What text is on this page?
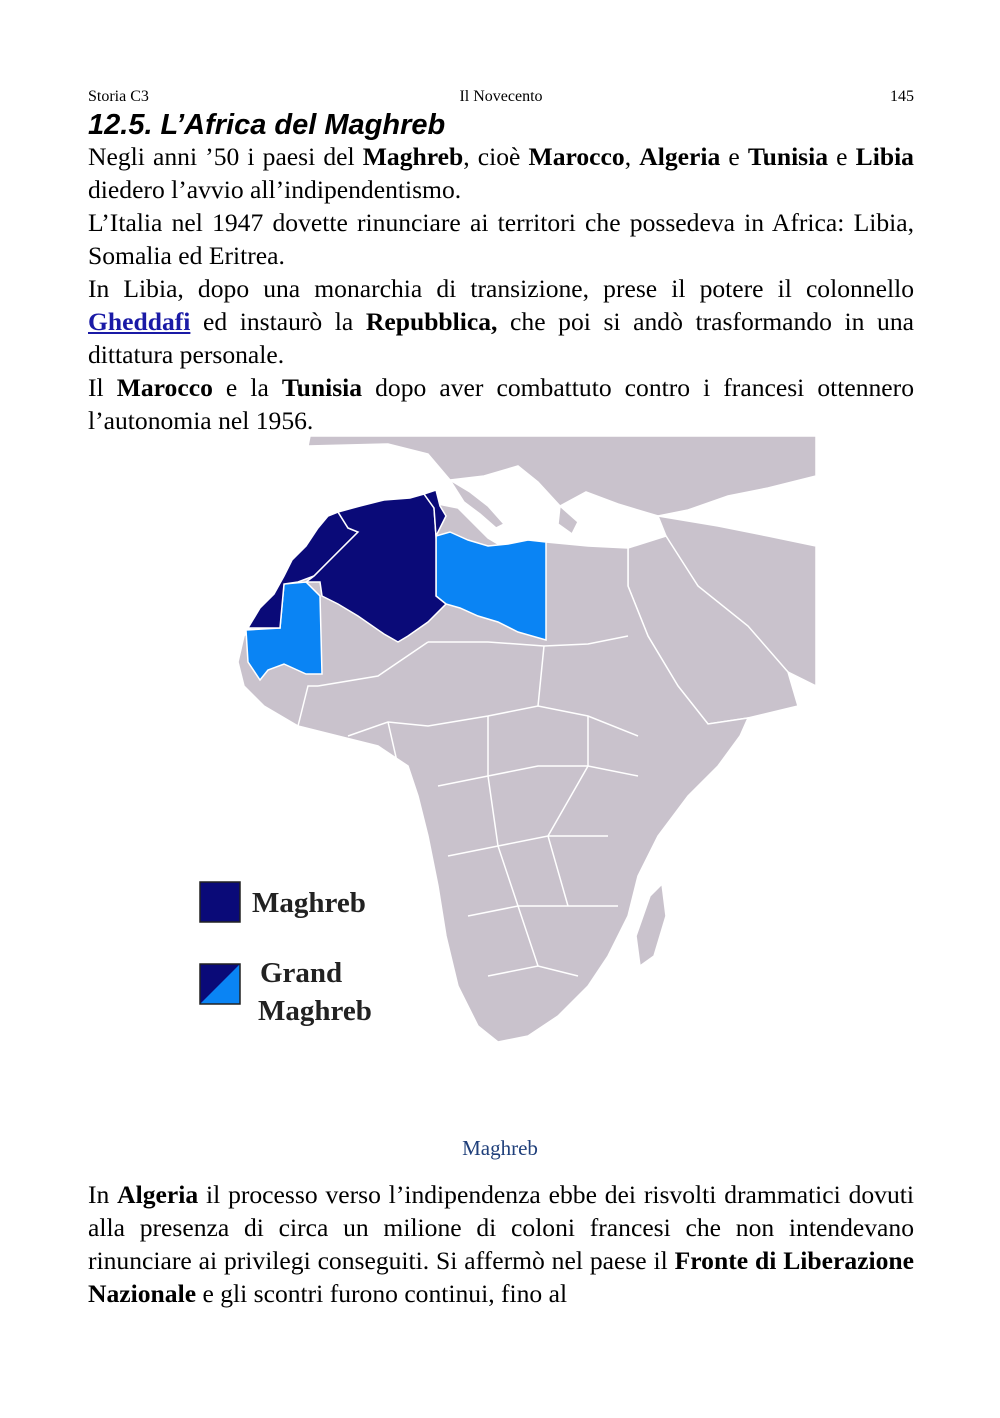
Storia C3	Il Novecento	145
12.5. L’Africa del Maghreb

Negli anni ’50 i paesi del Maghreb, cioè Marocco, Algeria e Tunisia e Libia diedero l’avvio all’indipendentismo.

L’Italia nel 1947 dovette rinunciare ai territori che possedeva in Africa: Libia, Somalia ed Eritrea.

In Libia, dopo una monarchia di transizione, prese il potere il colonnello Gheddafi ed instaurò la Repubblica, che poi si andò trasformando in una dittatura personale.

Il Marocco e la Tunisia dopo aver combattuto contro i francesi ottennero l’autonomia nel 1956.

Maghreb
Grand
Maghreb
Maghreb

In Algeria il processo verso l’indipendenza ebbe dei risvolti drammatici dovuti alla presenza di circa un milione di coloni francesi che non intendevano rinunciare ai privilegi conseguiti. Si affermò nel paese il Fronte di Liberazione Nazionale e gli scontri furono continui, fino al
